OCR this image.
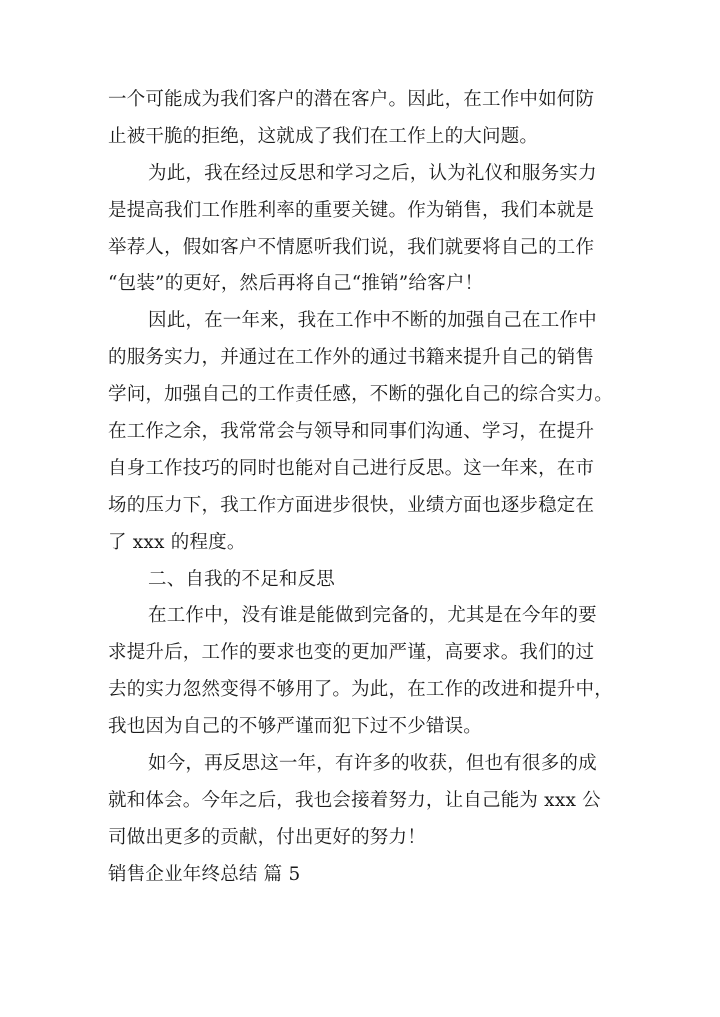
一个可能成为我们客户的潜在客户。因此，在工作中如何防
止被干脆的拒绝，这就成了我们在工作上的大问题。
为此，我在经过反思和学习之后，认为礼仪和服务实力
是提高我们工作胜利率的重要关键。作为销售，我们本就是
举荐人，假如客户不情愿听我们说，我们就要将自己的工作
“包装”的更好，然后再将自己“推销”给客户！
因此，在一年来，我在工作中不断的加强自己在工作中
的服务实力，并通过在工作外的通过书籍来提升自己的销售
学问，加强自己的工作责任感，不断的强化自己的综合实力。
在工作之余，我常常会与领导和同事们沟通、学习，在提升
自身工作技巧的同时也能对自己进行反思。这一年来，在市
场的压力下，我工作方面进步很快，业绩方面也逐步稳定在
了 xxx 的程度。
二、自我的不足和反思
在工作中，没有谁是能做到完备的，尤其是在今年的要
求提升后，工作的要求也变的更加严谨，高要求。我们的过
去的实力忽然变得不够用了。为此，在工作的改进和提升中，
我也因为自己的不够严谨而犯下过不少错误。
如今，再反思这一年，有许多的收获，但也有很多的成
就和体会。今年之后，我也会接着努力，让自己能为 xxx 公
司做出更多的贡献，付出更好的努力！
销售企业年终总结 篇 5
